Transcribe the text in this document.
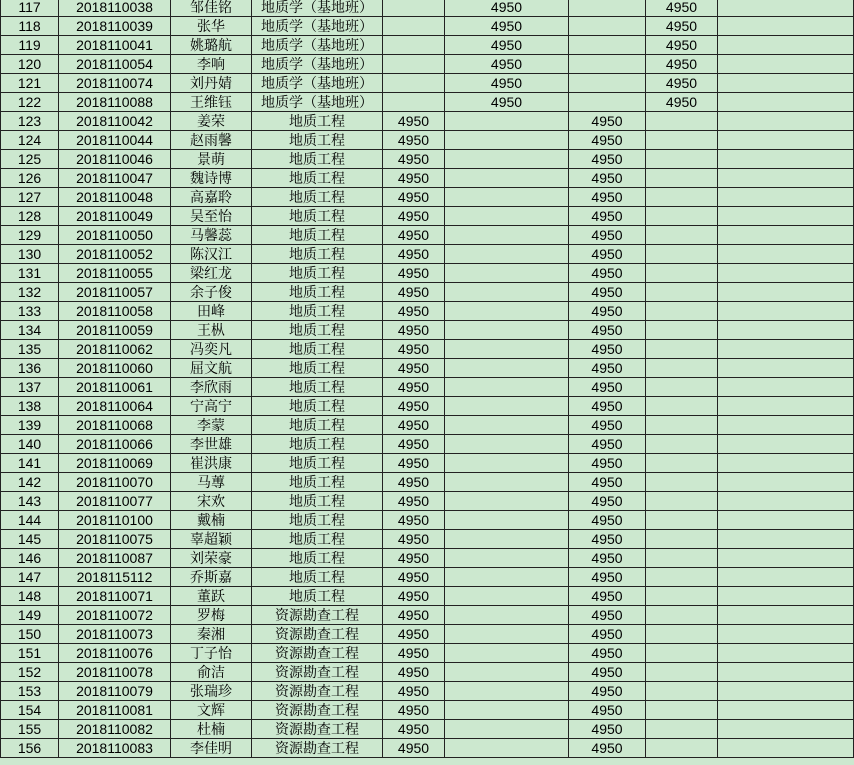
117	2018110038	邹佳铭	地质学（基地班）		4950		4950	
118	2018110039	张华	地质学（基地班）		4950		4950	
119	2018110041	姚璐航	地质学（基地班）		4950		4950	
120	2018110054	李响	地质学（基地班）		4950		4950	
121	2018110074	刘丹婧	地质学（基地班）		4950		4950	
122	2018110088	王维钰	地质学（基地班）		4950		4950	
123	2018110042	姜荣	地质工程	4950		4950		
124	2018110044	赵雨馨	地质工程	4950		4950		
125	2018110046	景萌	地质工程	4950		4950		
126	2018110047	魏诗博	地质工程	4950		4950		
127	2018110048	高嘉聆	地质工程	4950		4950		
128	2018110049	吴至怡	地质工程	4950		4950		
129	2018110050	马馨蕊	地质工程	4950		4950		
130	2018110052	陈汉江	地质工程	4950		4950		
131	2018110055	梁红龙	地质工程	4950		4950		
132	2018110057	余子俊	地质工程	4950		4950		
133	2018110058	田峰	地质工程	4950		4950		
134	2018110059	王枞	地质工程	4950		4950		
135	2018110062	冯奕凡	地质工程	4950		4950		
136	2018110060	屈文航	地质工程	4950		4950		
137	2018110061	李欣雨	地质工程	4950		4950		
138	2018110064	宁高宁	地质工程	4950		4950		
139	2018110068	李蒙	地质工程	4950		4950		
140	2018110066	李世雄	地质工程	4950		4950		
141	2018110069	崔洪康	地质工程	4950		4950		
142	2018110070	马蓴	地质工程	4950		4950		
143	2018110077	宋欢	地质工程	4950		4950		
144	2018110100	戴楠	地质工程	4950		4950		
145	2018110075	辜超颖	地质工程	4950		4950		
146	2018110087	刘荣豪	地质工程	4950		4950		
147	2018115112	乔斯嘉	地质工程	4950		4950		
148	2018110071	董跃	地质工程	4950		4950		
149	2018110072	罗梅	资源勘查工程	4950		4950		
150	2018110073	秦湘	资源勘查工程	4950		4950		
151	2018110076	丁子怡	资源勘查工程	4950		4950		
152	2018110078	俞洁	资源勘查工程	4950		4950		
153	2018110079	张瑞珍	资源勘查工程	4950		4950		
154	2018110081	文辉	资源勘查工程	4950		4950		
155	2018110082	杜楠	资源勘查工程	4950		4950		
156	2018110083	李佳明	资源勘查工程	4950		4950		
